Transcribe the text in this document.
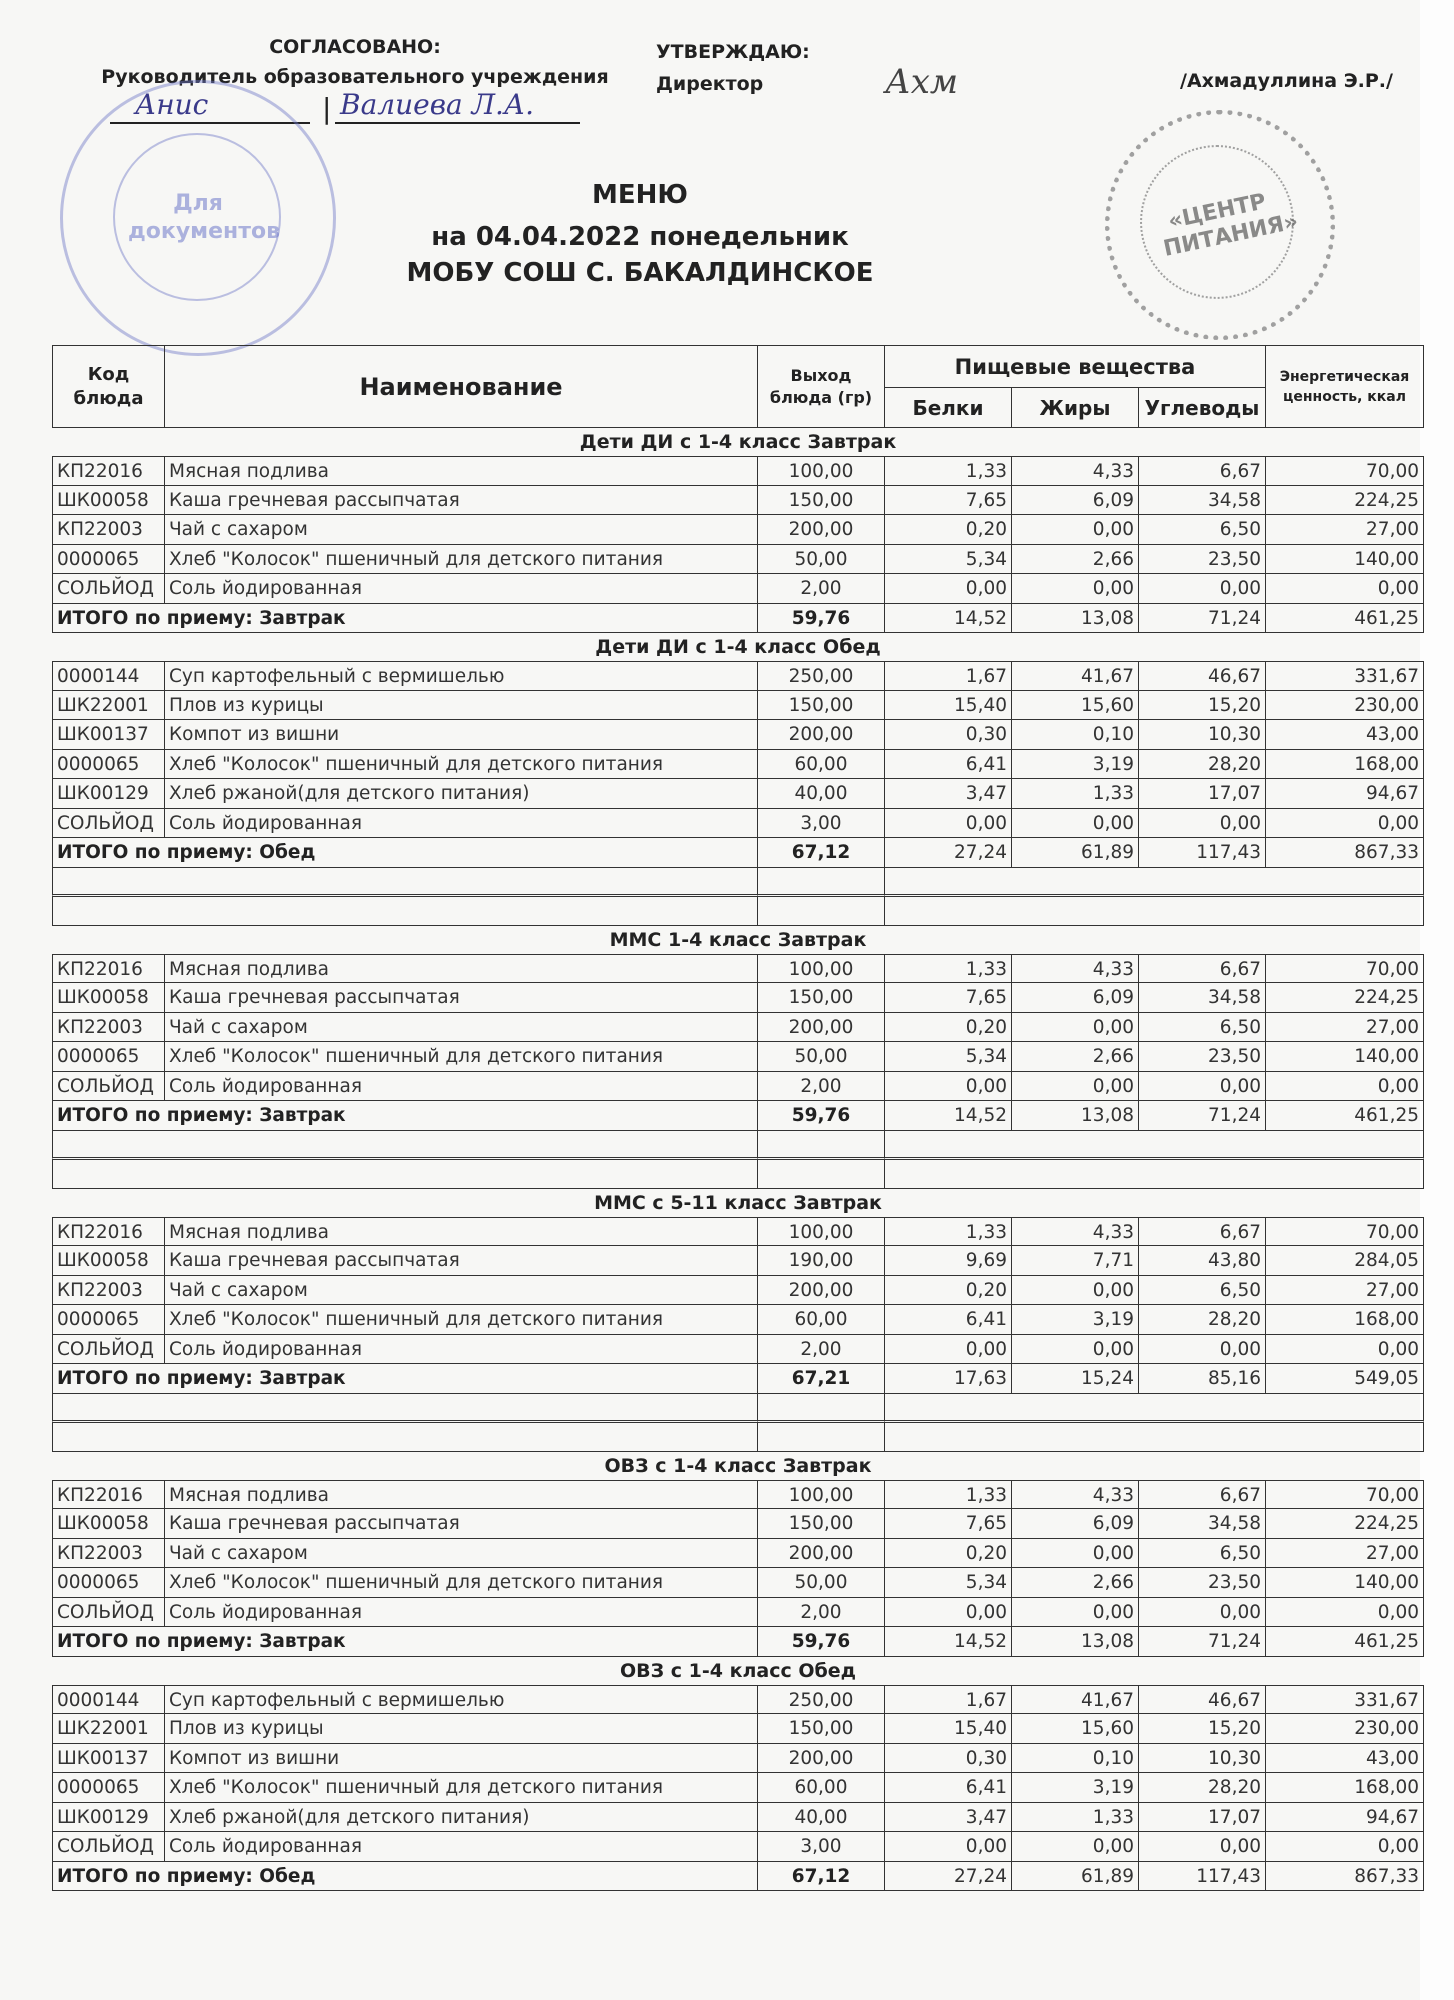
СОГЛАСОВАНО:
Руководитель образовательного учреждения
Анис	| Валиева Л.А.
УТВЕРЖДАЮ:
Директор	Ахм	/Ахмадуллина Э.Р./
Для документов	«ЦЕНТР ПИТАНИЯ»
МЕНЮ
на 04.04.2022 понедельник
МОБУ СОШ С. БАКАЛДИНСКОЕ
Код блюда	Наименование	Выход блюда (гр)
Пищевые вещества	Энергетическая ценность, ккал
Белки	Жиры	Углеводы
Дети ДИ с 1-4 класс Завтрак
КП22016	Мясная подлива	100,00	1,33	4,33	6,67	70,00
ШК00058	Каша гречневая рассыпчатая	150,00	7,65	6,09	34,58	224,25
КП22003	Чай с сахаром	200,00	0,20	0,00	6,50	27,00
0000065	Хлеб "Колосок" пшеничный для детского питания	50,00	5,34	2,66	23,50	140,00
СОЛЬЙОД Соль йодированная	2,00	0,00	0,00	0,00	0,00
ИТОГО по приему: Завтрак	59,76	14,52	13,08	71,24	461,25
Дети ДИ с 1-4 класс Обед
0000144	Суп картофельный с вермишелью	250,00	1,67	41,67	46,67	331,67
ШК22001	Плов из курицы	150,00	15,40	15,60	15,20	230,00
ШК00137	Компот из вишни	200,00	0,30	0,10	10,30	43,00
0000065	Хлеб "Колосок" пшеничный для детского питания	60,00	6,41	3,19	28,20	168,00
ШК00129	Хлеб ржаной(для детского питания)	40,00	3,47	1,33	17,07	94,67
СОЛЬЙОД Соль йодированная	3,00	0,00	0,00	0,00	0,00
ИТОГО по приему: Обед	67,12	27,24	61,89	117,43	867,33
ММС 1-4 класс Завтрак
КП22016	Мясная подлива	100,00	1,33	4,33	6,67	70,00
ШК00058	Каша гречневая рассыпчатая	150,00	7,65	6,09	34,58	224,25
КП22003	Чай с сахаром	200,00	0,20	0,00	6,50	27,00
0000065	Хлеб "Колосок" пшеничный для детского питания	50,00	5,34	2,66	23,50	140,00
СОЛЬЙОД Соль йодированная	2,00	0,00	0,00	0,00	0,00
ИТОГО по приему: Завтрак	59,76	14,52	13,08	71,24	461,25
ММС с 5-11 класс Завтрак
КП22016	Мясная подлива	100,00	1,33	4,33	6,67	70,00
ШК00058	Каша гречневая рассыпчатая	190,00	9,69	7,71	43,80	284,05
КП22003	Чай с сахаром	200,00	0,20	0,00	6,50	27,00
0000065	Хлеб "Колосок" пшеничный для детского питания	60,00	6,41	3,19	28,20	168,00
СОЛЬЙОД Соль йодированная	2,00	0,00	0,00	0,00	0,00
ИТОГО по приему: Завтрак	67,21	17,63	15,24	85,16	549,05
ОВЗ с 1-4 класс Завтрак
КП22016	Мясная подлива	100,00	1,33	4,33	6,67	70,00
ШК00058	Каша гречневая рассыпчатая	150,00	7,65	6,09	34,58	224,25
КП22003	Чай с сахаром	200,00	0,20	0,00	6,50	27,00
0000065	Хлеб "Колосок" пшеничный для детского питания	50,00	5,34	2,66	23,50	140,00
СОЛЬЙОД Соль йодированная	2,00	0,00	0,00	0,00	0,00
ИТОГО по приему: Завтрак	59,76	14,52	13,08	71,24	461,25
ОВЗ с 1-4 класс Обед
0000144	Суп картофельный с вермишелью	250,00	1,67	41,67	46,67	331,67
ШК22001	Плов из курицы	150,00	15,40	15,60	15,20	230,00
ШК00137	Компот из вишни	200,00	0,30	0,10	10,30	43,00
0000065	Хлеб "Колосок" пшеничный для детского питания	60,00	6,41	3,19	28,20	168,00
ШК00129	Хлеб ржаной(для детского питания)	40,00	3,47	1,33	17,07	94,67
СОЛЬЙОД Соль йодированная	3,00	0,00	0,00	0,00	0,00
ИТОГО по приему: Обед	67,12	27,24	61,89	117,43	867,33
